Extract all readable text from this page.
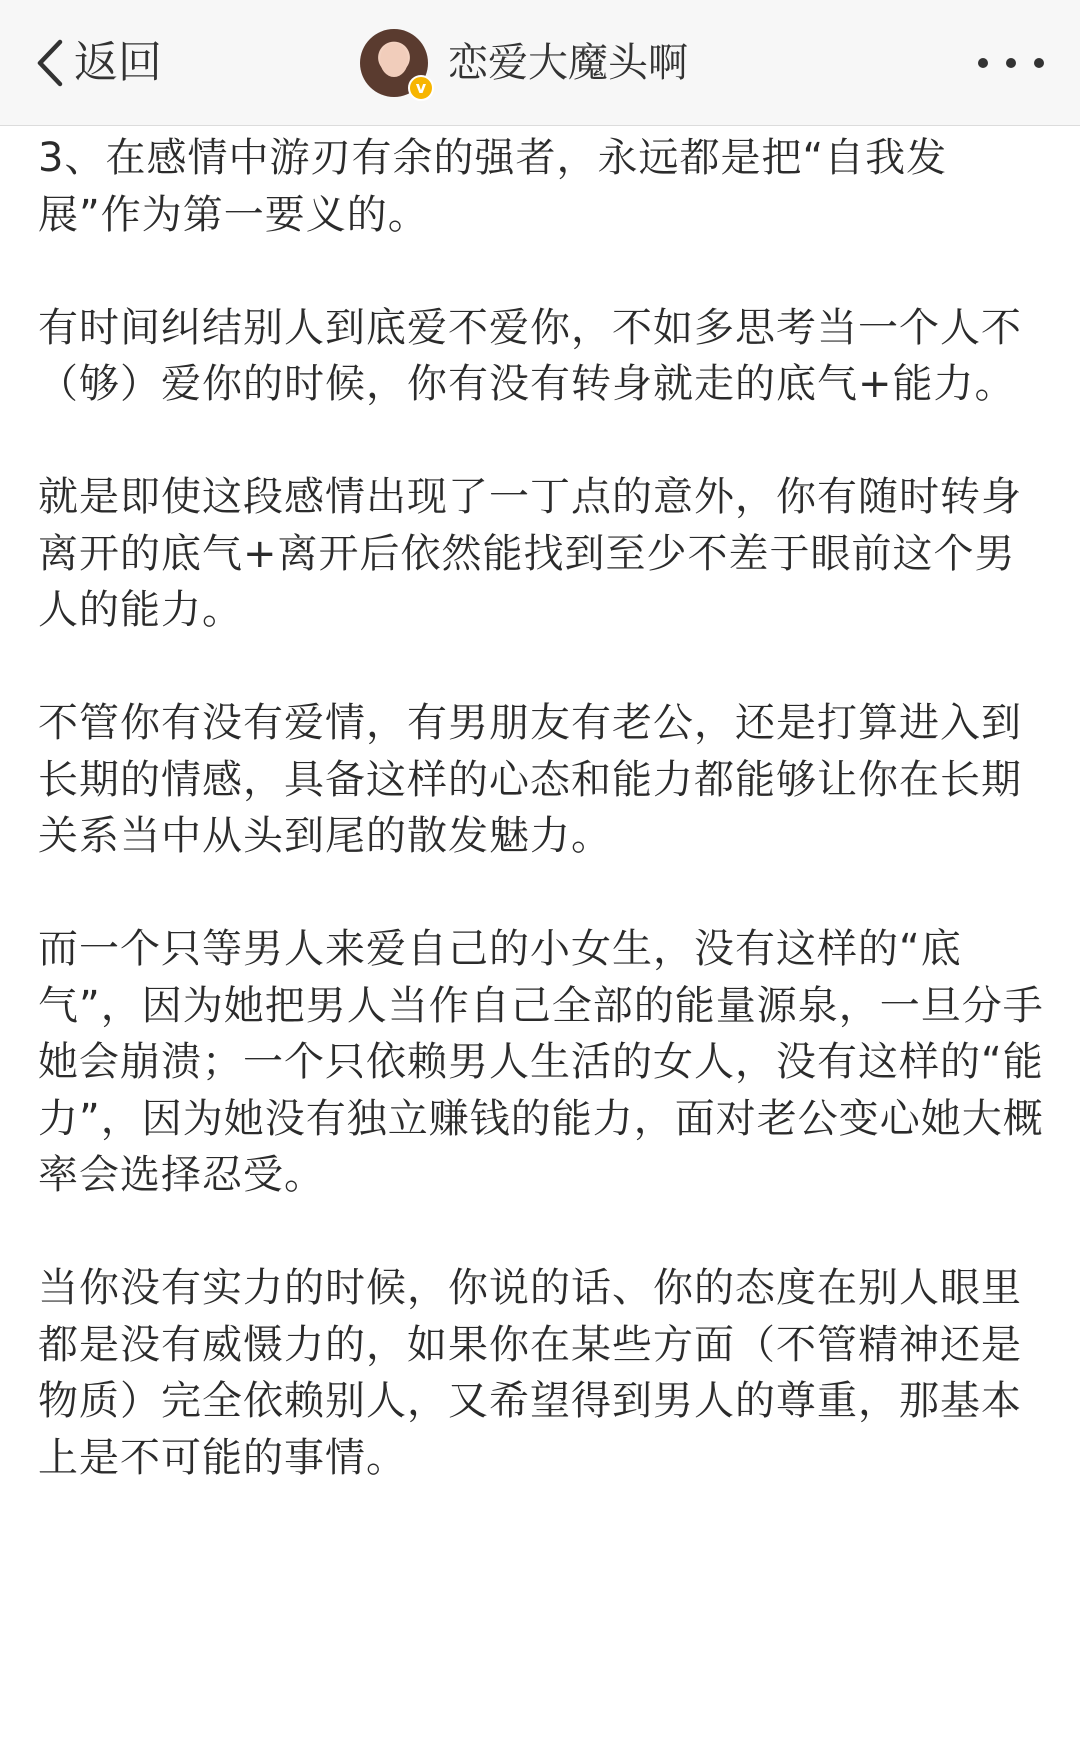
返回	v
恋爱大魔头啊

3、在感情中游刃有余的强者，永远都是把“自我发展”作为第一要义的。

有时间纠结别人到底爱不爱你，不如多思考当一个人不（够）爱你的时候，你有没有转身就走的底气+能力。

就是即使这段感情出现了一丁点的意外，你有随时转身离开的底气+离开后依然能找到至少不差于眼前这个男人的能力。

不管你有没有爱情，有男朋友有老公，还是打算进入到长期的情感，具备这样的心态和能力都能够让你在长期关系当中从头到尾的散发魅力。

而一个只等男人来爱自己的小女生，没有这样的“底气”，因为她把男人当作自己全部的能量源泉，一旦分手她会崩溃；一个只依赖男人生活的女人，没有这样的“能力”，因为她没有独立赚钱的能力，面对老公变心她大概率会选择忍受。

当你没有实力的时候，你说的话、你的态度在别人眼里都是没有威慑力的，如果你在某些方面（不管精神还是物质）完全依赖别人，又希望得到男人的尊重，那基本上是不可能的事情。
